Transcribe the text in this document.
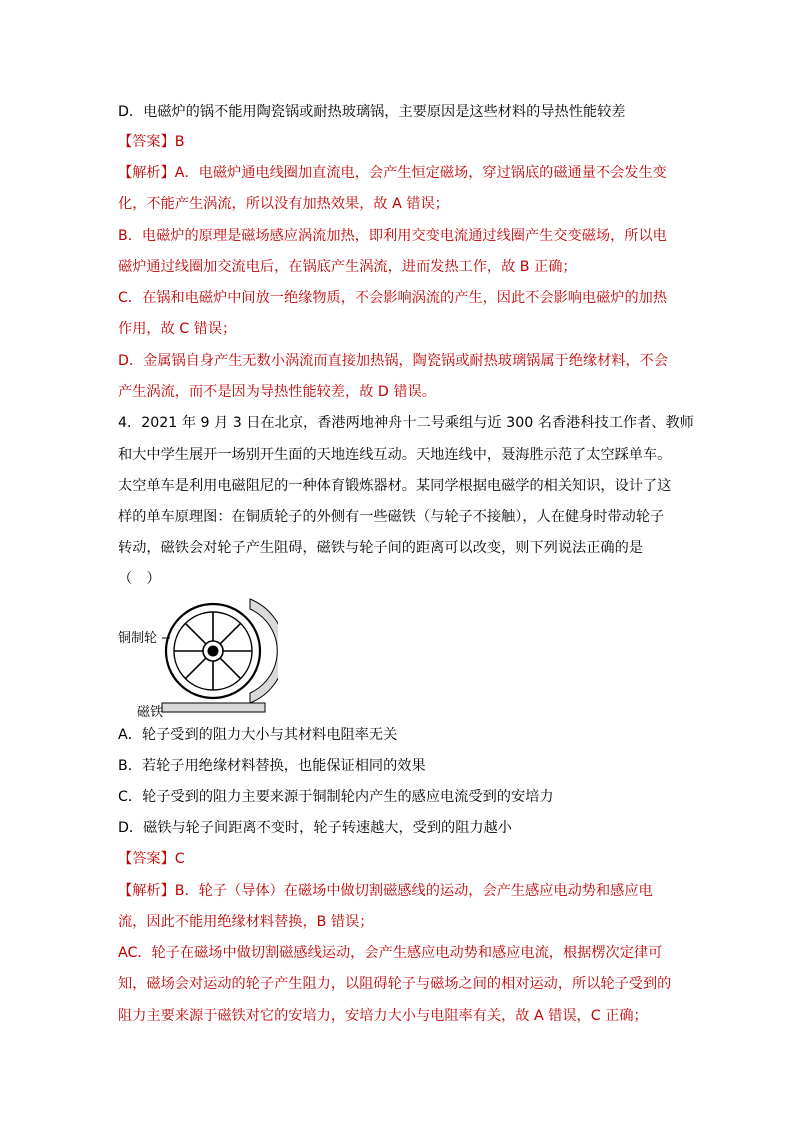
D．电磁炉的锅不能用陶瓷锅或耐热玻璃锅，主要原因是这些材料的导热性能较差
【答案】B
【解析】A．电磁炉通电线圈加直流电，会产生恒定磁场，穿过锅底的磁通量不会发生变
化，不能产生涡流，所以没有加热效果，故 A 错误；
B．电磁炉的原理是磁场感应涡流加热，即利用交变电流通过线圈产生交变磁场，所以电
磁炉通过线圈加交流电后，在锅底产生涡流，进而发热工作，故 B 正确；
C．在锅和电磁炉中间放一绝缘物质，不会影响涡流的产生，因此不会影响电磁炉的加热
作用，故 C 错误；
D．金属锅自身产生无数小涡流而直接加热锅，陶瓷锅或耐热玻璃锅属于绝缘材料，不会
产生涡流，而不是因为导热性能较差，故 D 错误。
4．2021 年 9 月 3 日在北京，香港两地神舟十二号乘组与近 300 名香港科技工作者、教师
和大中学生展开一场别开生面的天地连线互动。天地连线中，聂海胜示范了太空踩单车。
太空单车是利用电磁阻尼的一种体育锻炼器材。某同学根据电磁学的相关知识，设计了这
样的单车原理图：在铜质轮子的外侧有一些磁铁（与轮子不接触），人在健身时带动轮子
转动，磁铁会对轮子产生阻碍，磁铁与轮子间的距离可以改变，则下列说法正确的是
（　）
铜制轮
磁铁
A．轮子受到的阻力大小与其材料电阻率无关
B．若轮子用绝缘材料替换，也能保证相同的效果
C．轮子受到的阻力主要来源于铜制轮内产生的感应电流受到的安培力
D．磁铁与轮子间距离不变时，轮子转速越大，受到的阻力越小
【答案】C
【解析】B．轮子（导体）在磁场中做切割磁感线的运动，会产生感应电动势和感应电
流，因此不能用绝缘材料替换，B 错误；
AC．轮子在磁场中做切割磁感线运动，会产生感应电动势和感应电流，根据楞次定律可
知，磁场会对运动的轮子产生阻力，以阻碍轮子与磁场之间的相对运动，所以轮子受到的
阻力主要来源于磁铁对它的安培力，安培力大小与电阻率有关，故 A 错误，C 正确；
